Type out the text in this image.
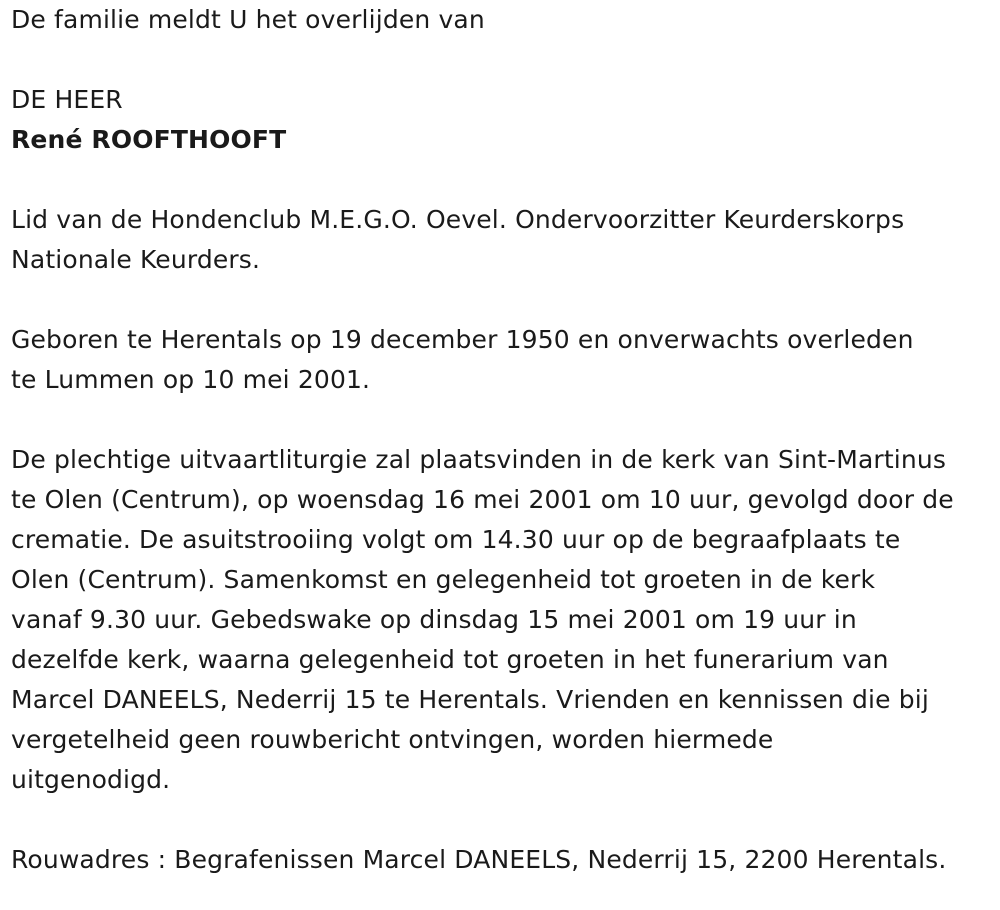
De familie meldt U het overlijden van

DE HEER

René ROOFTHOOFT

Lid van de Hondenclub M.E.G.O. Oevel. Ondervoorzitter Keurderskorps

Nationale Keurders.

Geboren te Herentals op 19 december 1950 en onverwachts overleden

te Lummen op 10 mei 2001.

De plechtige uitvaartliturgie zal plaatsvinden in de kerk van Sint-Martinus

te Olen (Centrum), op woensdag 16 mei 2001 om 10 uur, gevolgd door de

crematie. De asuitstrooiing volgt om 14.30 uur op de begraafplaats te

Olen (Centrum). Samenkomst en gelegenheid tot groeten in de kerk

vanaf 9.30 uur. Gebedswake op dinsdag 15 mei 2001 om 19 uur in

dezelfde kerk, waarna gelegenheid tot groeten in het funerarium van

Marcel DANEELS, Nederrij 15 te Herentals. Vrienden en kennissen die bij

vergetelheid geen rouwbericht ontvingen, worden hiermede

uitgenodigd.

Rouwadres : Begrafenissen Marcel DANEELS, Nederrij 15, 2200 Herentals.
